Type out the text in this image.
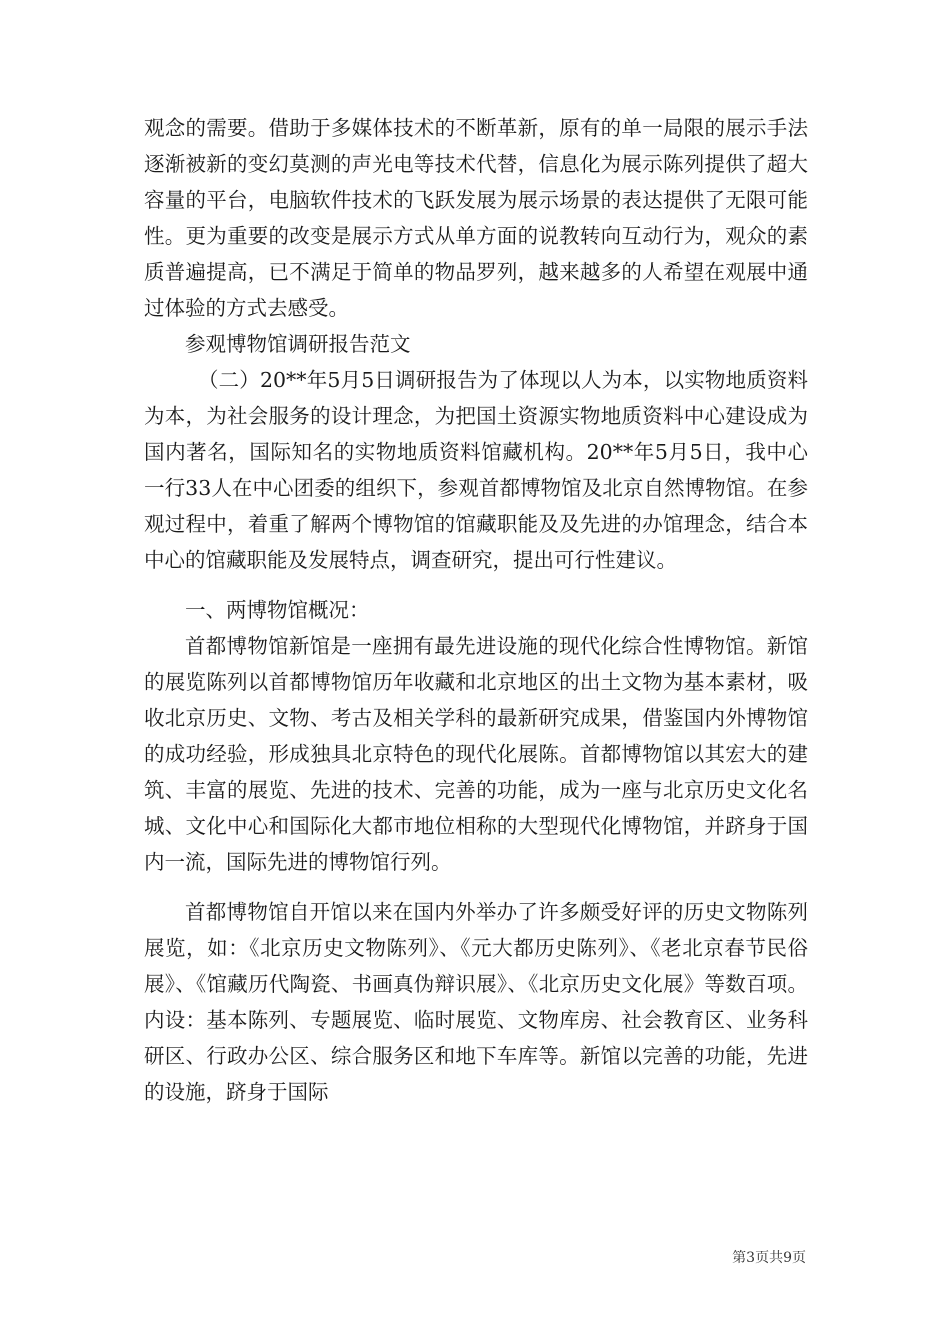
观念的需要。借助于多媒体技术的不断革新，原有的单一局限的展示手法逐渐被新的变幻莫测的声光电等技术代替，信息化为展示陈列提供了超大容量的平台，电脑软件技术的飞跃发展为展示场景的表达提供了无限可能性。更为重要的改变是展示方式从单方面的说教转向互动行为，观众的素质普遍提高，已不满足于简单的物品罗列，越来越多的人希望在观展中通过体验的方式去感受。

参观博物馆调研报告范文

（二）20**年5月5日调研报告为了体现以人为本，以实物地质资料为本，为社会服务的设计理念，为把国土资源实物地质资料中心建设成为国内著名，国际知名的实物地质资料馆藏机构。20**年5月5日，我中心一行33人在中心团委的组织下，参观首都博物馆及北京自然博物馆。在参观过程中，着重了解两个博物馆的馆藏职能及及先进的办馆理念，结合本中心的馆藏职能及发展特点，调查研究，提出可行性建议。

一、两博物馆概况：

首都博物馆新馆是一座拥有最先进设施的现代化综合性博物馆。新馆的展览陈列以首都博物馆历年收藏和北京地区的出土文物为基本素材，吸收北京历史、文物、考古及相关学科的最新研究成果，借鉴国内外博物馆的成功经验，形成独具北京特色的现代化展陈。首都博物馆以其宏大的建筑、丰富的展览、先进的技术、完善的功能，成为一座与北京历史文化名城、文化中心和国际化大都市地位相称的大型现代化博物馆，并跻身于国内一流，国际先进的博物馆行列。

首都博物馆自开馆以来在国内外举办了许多颇受好评的历史文物陈列展览，如：《北京历史文物陈列》、《元大都历史陈列》、《老北京春节民俗展》、《馆藏历代陶瓷、书画真伪辩识展》、《北京历史文化展》等数百项。内设：基本陈列、专题展览、临时展览、文物库房、社会教育区、业务科研区、行政办公区、综合服务区和地下车库等。新馆以完善的功能，先进的设施，跻身于国际

第3页共9页
